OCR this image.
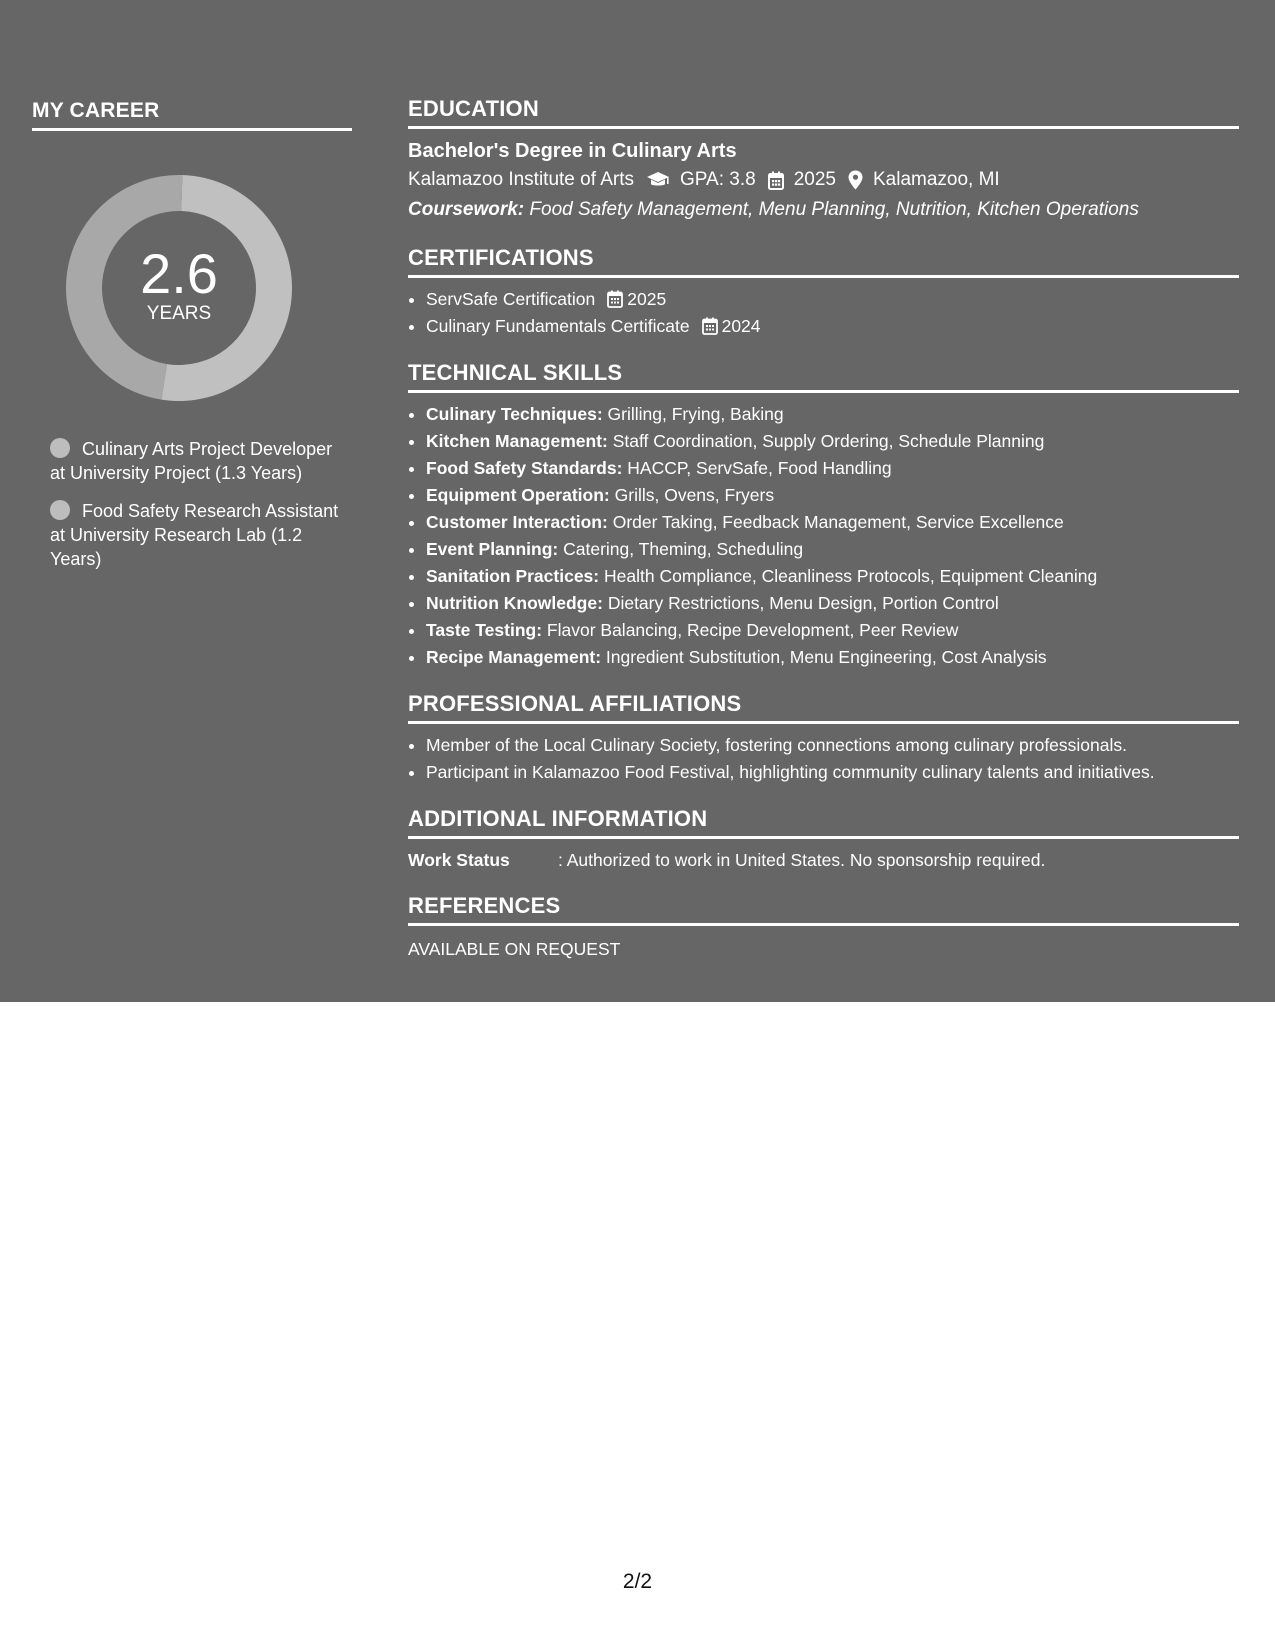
MY CAREER
2.6
YEARS
Culinary Arts Project Developer at University Project (1.3 Years)
Food Safety Research Assistant at University Research Lab (1.2 Years)
EDUCATION
Bachelor's Degree in Culinary Arts
Kalamazoo Institute of Arts GPA: 3.8 2025 Kalamazoo, MI
Coursework: Food Safety Management, Menu Planning, Nutrition, Kitchen Operations
CERTIFICATIONS
• ServSafe Certification 2025
• Culinary Fundamentals Certificate 2024
TECHNICAL SKILLS
• Culinary Techniques: Grilling, Frying, Baking
• Kitchen Management: Staff Coordination, Supply Ordering, Schedule Planning
• Food Safety Standards: HACCP, ServSafe, Food Handling
• Equipment Operation: Grills, Ovens, Fryers
• Customer Interaction: Order Taking, Feedback Management, Service Excellence
• Event Planning: Catering, Theming, Scheduling
• Sanitation Practices: Health Compliance, Cleanliness Protocols, Equipment Cleaning
• Nutrition Knowledge: Dietary Restrictions, Menu Design, Portion Control
• Taste Testing: Flavor Balancing, Recipe Development, Peer Review
• Recipe Management: Ingredient Substitution, Menu Engineering, Cost Analysis
PROFESSIONAL AFFILIATIONS
• Member of the Local Culinary Society, fostering connections among culinary professionals.
• Participant in Kalamazoo Food Festival, highlighting community culinary talents and initiatives.
ADDITIONAL INFORMATION
Work Status	: Authorized to work in United States. No sponsorship required.
REFERENCES
AVAILABLE ON REQUEST
2/2
